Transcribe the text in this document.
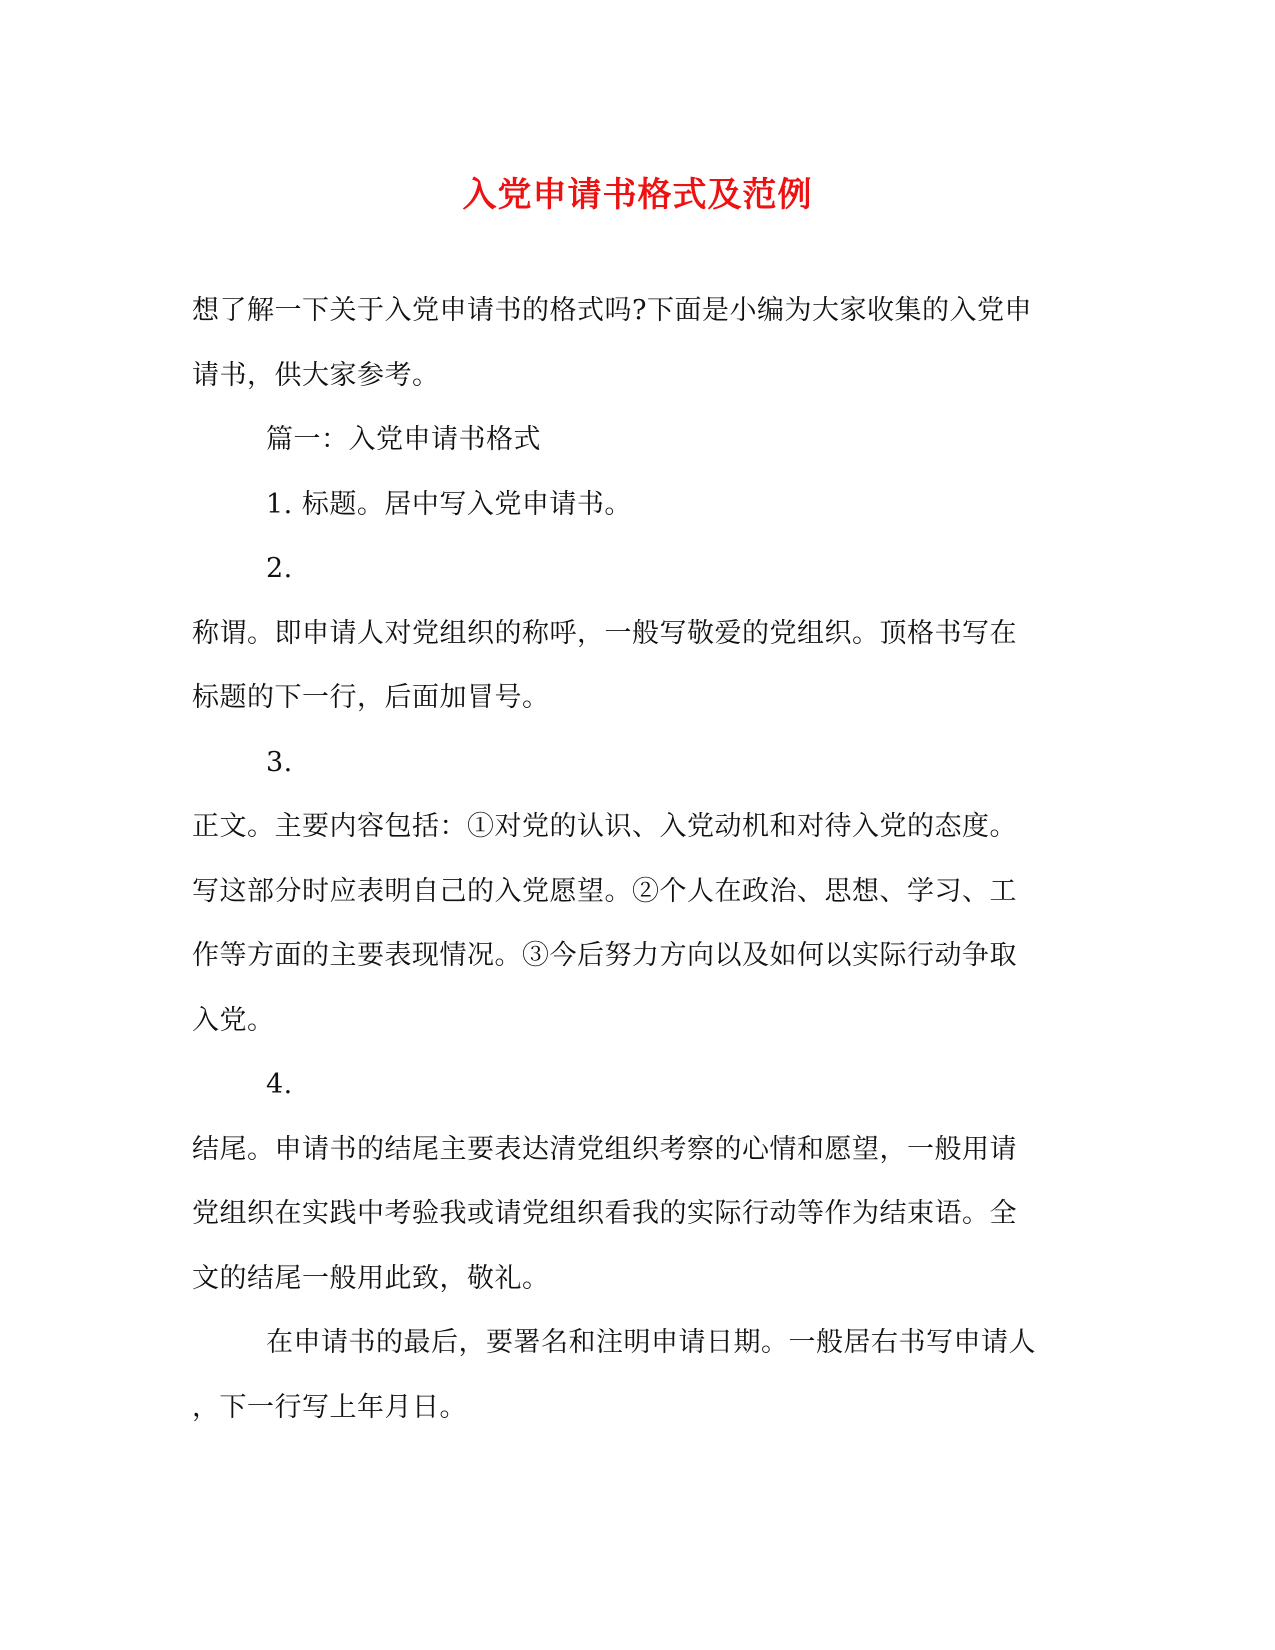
入党申请书格式及范例
想了解一下关于入党申请书的格式吗?下面是小编为大家收集的入党申
请书，供大家参考。
篇一：入党申请书格式
1. 标题。居中写入党申请书。
2.
称谓。即申请人对党组织的称呼，一般写敬爱的党组织。顶格书写在
标题的下一行，后面加冒号。
3.
正文。主要内容包括：①对党的认识、入党动机和对待入党的态度。
写这部分时应表明自己的入党愿望。②个人在政治、思想、学习、工
作等方面的主要表现情况。③今后努力方向以及如何以实际行动争取
入党。
4.
结尾。申请书的结尾主要表达清党组织考察的心情和愿望，一般用请
党组织在实践中考验我或请党组织看我的实际行动等作为结束语。全
文的结尾一般用此致，敬礼。
在申请书的最后，要署名和注明申请日期。一般居右书写申请人
，下一行写上年月日。
